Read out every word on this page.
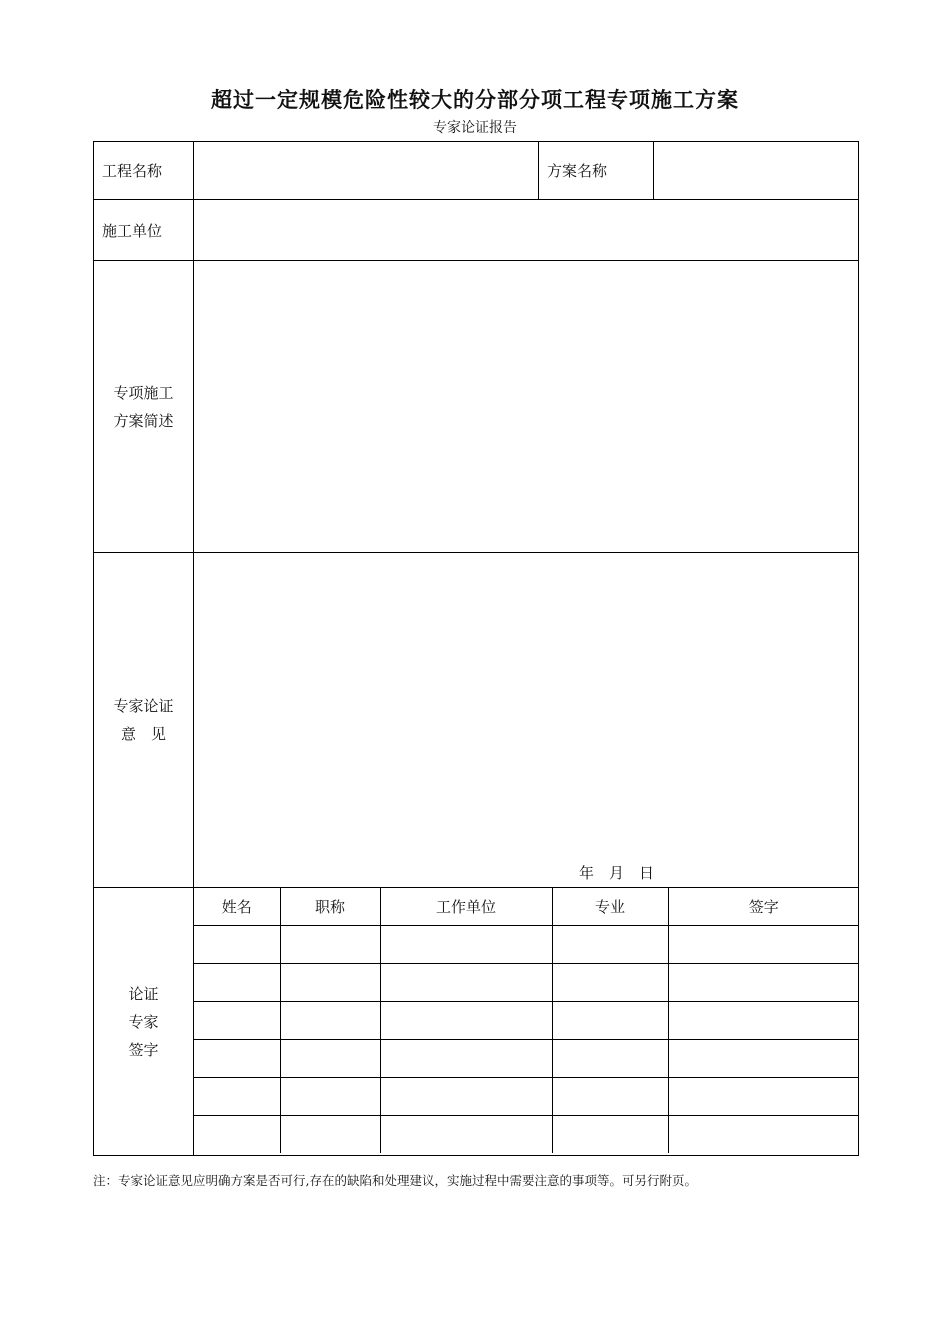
超过一定规模危险性较大的分部分项工程专项施工方案
专家论证报告
工程名称		方案名称	
施工单位	

专项施工
方案简述

专家论证
意　见

年　月　日

论证
专家
签字

姓名	职称	工作单位	专业	签字

注：专家论证意见应明确方案是否可行,存在的缺陷和处理建议，实施过程中需要注意的事项等。可另行附页。
